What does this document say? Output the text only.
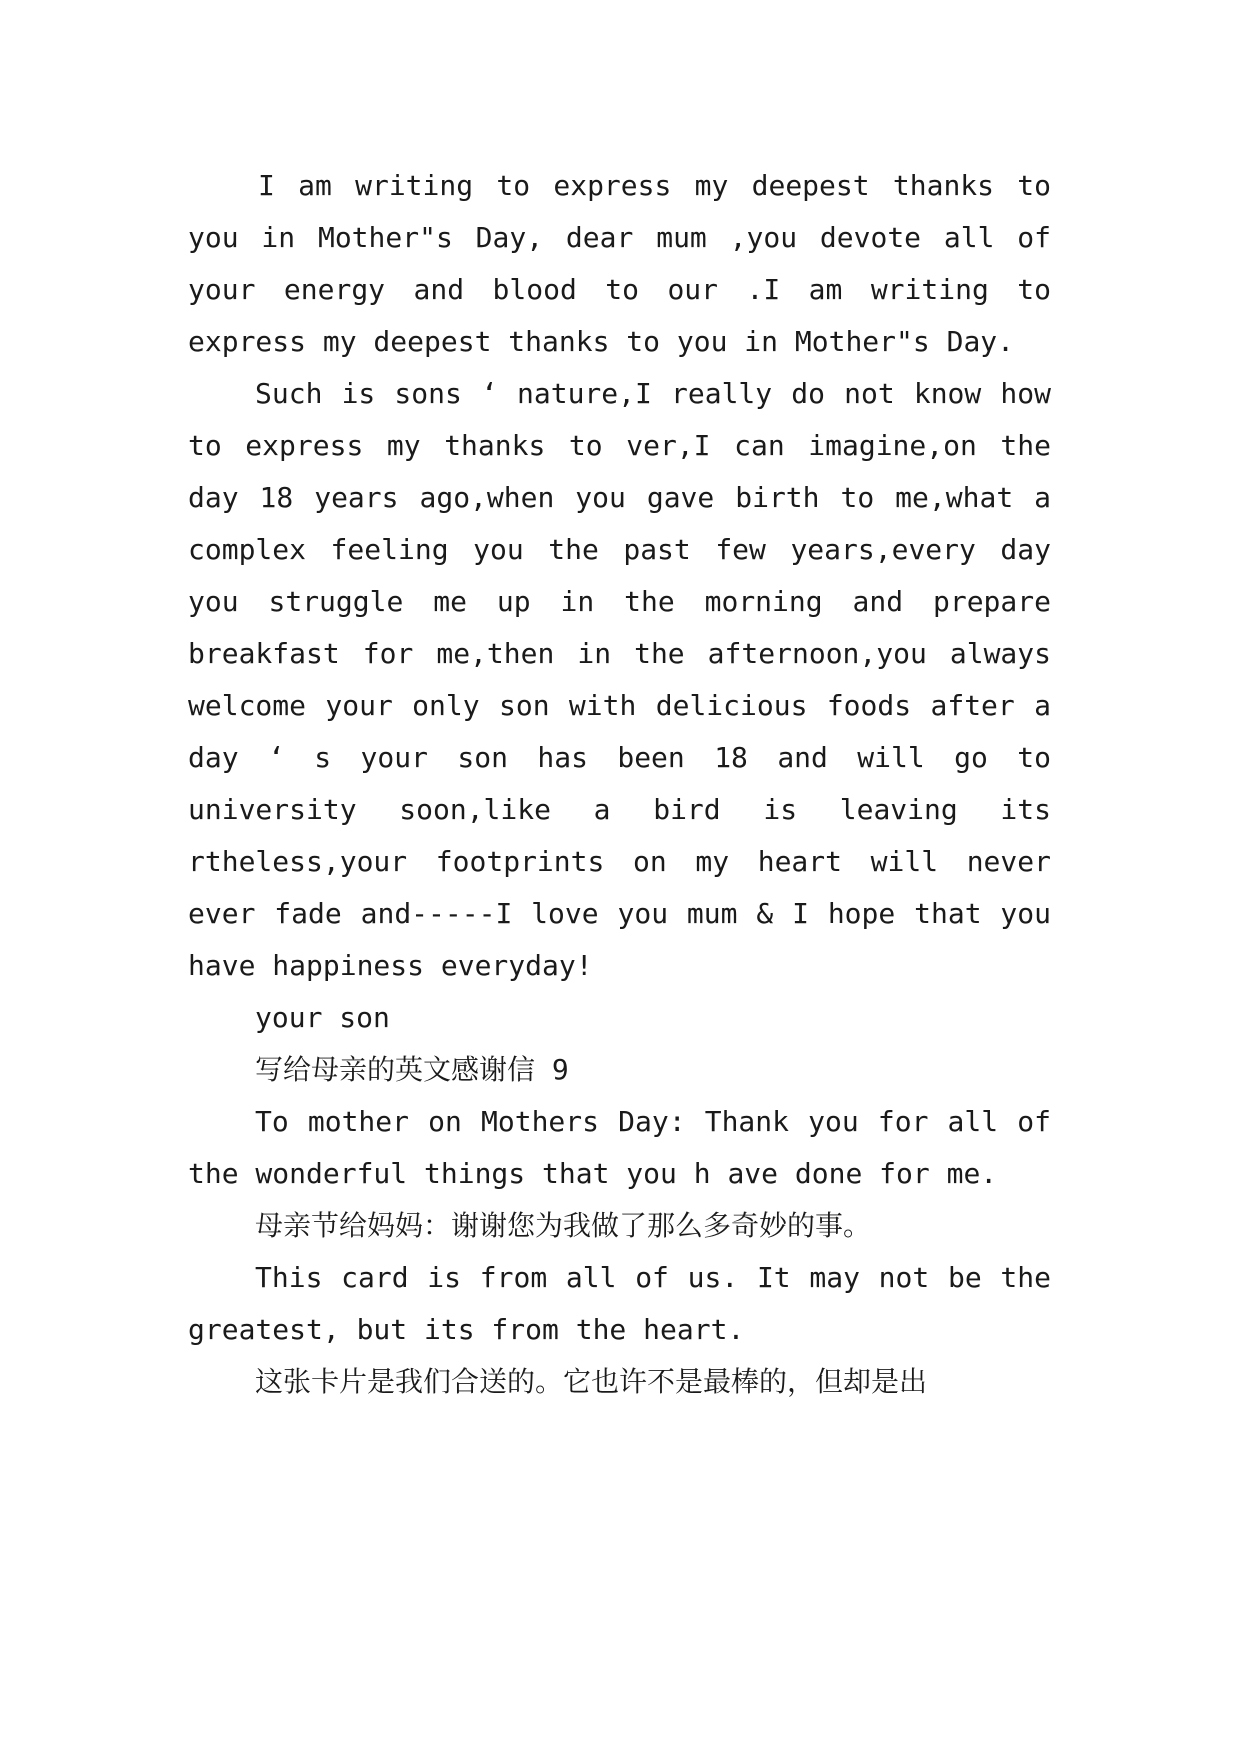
I am writing to express my deepest thanks to
you in Mother"s Day, dear mum ,you devote all of
your energy and blood to our .I am writing to
express my deepest thanks to you in Mother"s Day.
Such is sons ‘ nature,I really do not know how
to express my thanks to ver,I can imagine,on the
day 18 years ago,when you gave birth to me,what a
complex feeling you the past few years,every day
you struggle me up in the morning and prepare
breakfast for me,then in the afternoon,you always
welcome your only son with delicious foods after a
day ‘ s your son has been 18 and will go to
university soon,like a bird is leaving its
rtheless,your footprints on my heart will never
ever fade and-----I love you mum & I hope that you
have happiness everyday!
your son
写给母亲的英文感谢信 9
To mother on Mothers Day: Thank you for all of
the wonderful things that you h ave done for me.
母亲节给妈妈：谢谢您为我做了那么多奇妙的事。
This card is from all of us. It may not be the
greatest, but its from the heart.
这张卡片是我们合送的。它也许不是最棒的，但却是出
